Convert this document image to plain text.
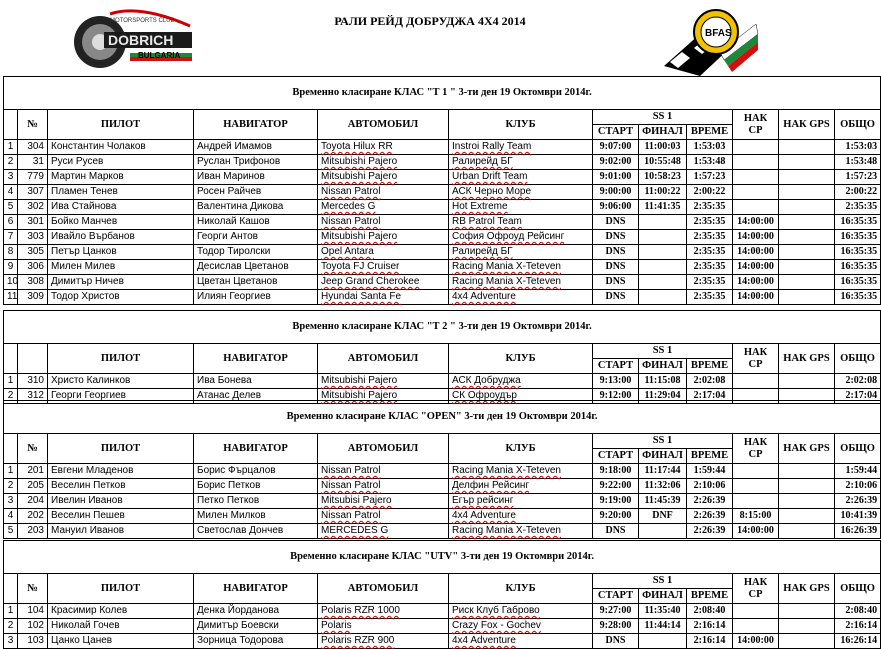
MOTORSPORTS CLUB
DOBRICH
BULGARIA
РАЛИ РЕЙД ДОБРУДЖА 4Х4 2014
BFAS
Временно класиране КЛАС "Т 1 " 3-ти ден 19 Октомври 2014г.											
	№	ПИЛОТ	НАВИГАТОР	АВТОМОБИЛ	КЛУБ	SS 1			НАК CP	НАК GPS	ОБЩО
						СТАРТ	ФИНАЛ	ВРЕМЕ			
1	304	Константин Чолаков	Андрей Имамов	Toyota Hilux RR	Instroi Rally Team	9:07:00	11:00:03	1:53:03			1:53:03
2	31	Руси Русев	Руслан Трифонов	Mitsubishi Pajero	Ралирейд БГ	9:02:00	10:55:48	1:53:48			1:53:48
3	779	Мартин Марков	Иван Маринов	Mitsubishi Pajero	Urban Drift Team	9:01:00	10:58:23	1:57:23			1:57:23
4	307	Пламен Тенев	Росен Райчев	Nissan Patrol	АСК Черно Море	9:00:00	11:00:22	2:00:22			2:00:22
5	302	Ива Стайнова	Валентина Дикова	Mercedes G	Hot Extreme	9:06:00	11:41:35	2:35:35			2:35:35
6	301	Бойко Манчев	Николай Кашов	Nissan Patrol	RB Patrol Team	DNS		2:35:35	14:00:00		16:35:35
7	303	Ивайло Върбанов	Георги Антов	Mitsubishi Pajero	София Офроуд Рейсинг	DNS		2:35:35	14:00:00		16:35:35
8	305	Петър Цанков	Тодор Тиролски	Opel Antara	Ралирейд БГ	DNS		2:35:35	14:00:00		16:35:35
9	306	Милен Милев	Десислав Цветанов	Toyota FJ Cruiser	Racing Mania X-Teteven	DNS		2:35:35	14:00:00		16:35:35
10	308	Димитър Ничев	Цветан Цветанов	Jeep Grand Cherokee	Racing Mania X-Teteven	DNS		2:35:35	14:00:00		16:35:35
11	309	Тодор Христов	Илиян Георгиев	Hyundai Santa Fe	4x4 Adventure	DNS		2:35:35	14:00:00		16:35:35
Временно класиране КЛАС "Т 2 " 3-ти ден 19 Октомври 2014г.											
		ПИЛОТ	НАВИГАТОР	АВТОМОБИЛ	КЛУБ	SS 1			НАК CP	НАК GPS	ОБЩО
						СТАРТ	ФИНАЛ	ВРЕМЕ			
1	310	Христо Калинков	Ива Бонева	Mitsubishi Pajero	АСК Добруджа	9:13:00	11:15:08	2:02:08			2:02:08
2	312	Георги Георгиев	Атанас Делев	Mitsubishi Pajero	СК Офроудър	9:12:00	11:29:04	2:17:04			2:17:04
Временно класиране КЛАС "OPEN" 3-ти ден 19 Октомври 2014г.											
	№	ПИЛОТ	НАВИГАТОР	АВТОМОБИЛ	КЛУБ	SS 1			НАК CP	НАК GPS	ОБЩО
						СТАРТ	ФИНАЛ	ВРЕМЕ			
1	201	Евгени Младенов	Борис Фърцалов	Nissan Patrol	Racing Mania X-Teteven	9:18:00	11:17:44	1:59:44			1:59:44
2	205	Веселин Петков	Борис Петков	Nissan Patrol	Делфин Рейсинг	9:22:00	11:32:06	2:10:06			2:10:06
3	204	Ивелин Иванов	Петко Петков	Mitsubisi Pajero	Егър рейсинг	9:19:00	11:45:39	2:26:39			2:26:39
4	202	Веселин Пешев	Милен Милков	Nissan Patrol	4x4 Adventure	9:20:00	DNF	2:26:39	8:15:00		10:41:39
5	203	Мануил Иванов	Светослав Дончев	MERCEDES G	Racing Mania X-Teteven	DNS		2:26:39	14:00:00		16:26:39
Временно класиране КЛАС "UTV" 3-ти ден 19 Октомври 2014г.											
	№	ПИЛОТ	НАВИГАТОР	АВТОМОБИЛ	КЛУБ	SS 1			НАК CP	НАК GPS	ОБЩО
						СТАРТ	ФИНАЛ	ВРЕМЕ			
1	104	Красимир Колев	Денка Йорданова	Polaris RZR 1000	Риск Клуб Габрово	9:27:00	11:35:40	2:08:40			2:08:40
2	102	Николай Гочев	Димитър Боевски	Polaris	Crazy Fox - Gochev	9:28:00	11:44:14	2:16:14			2:16:14
3	103	Цанко Цанев	Зорница Тодорова	Polaris RZR 900	4x4 Adventure	DNS		2:16:14	14:00:00		16:26:14
